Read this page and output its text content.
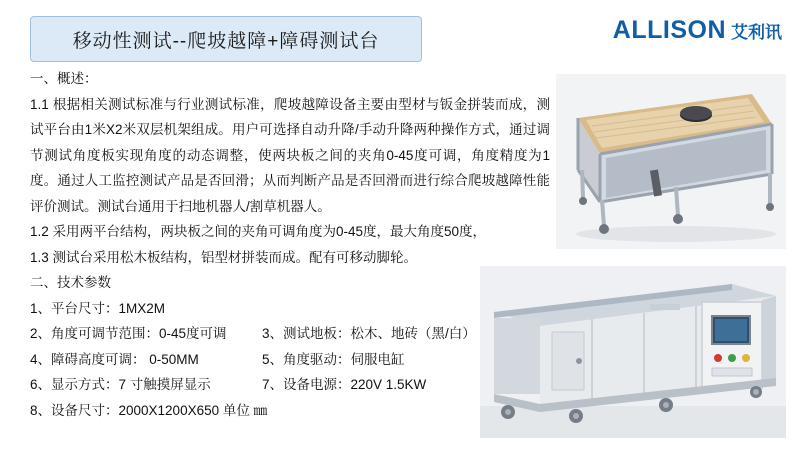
移动性测试--爬坡越障+障碍测试台	ALLISON 艾利讯
一、概述：
1.1 根据相关测试标准与行业测试标准，爬坡越障设备主要由型材与钣金拼装而成，测试平台由1米X2米双层机架组成。用户可选择自动升降/手动升降两种操作方式，通过调节测试角度板实现角度的动态调整，使两块板之间的夹角0-45度可调，角度精度为1度。通过人工监控测试产品是否回滑；从而判断产品是否回滑而进行综合爬坡越障性能评价测试。测试台通用于扫地机器人/割草机器人。
1.2 采用两平台结构，两块板之间的夹角可调角度为0-45度，最大角度50度，
1.3 测试台采用松木板结构，铝型材拼装而成。配有可移动脚轮。
二、技术参数
1、平台尺寸：1MX2M
2、角度可调节范围：0-45度可调	3、测试地板：松木、地砖（黑/白）
4、障碍高度可调： 0-50MM	5、角度驱动：伺服电缸
6、显示方式：7 寸触摸屏显示	7、设备电源：220V 1.5KW
8、设备尺寸：2000X1200X650 单位 ㎜
